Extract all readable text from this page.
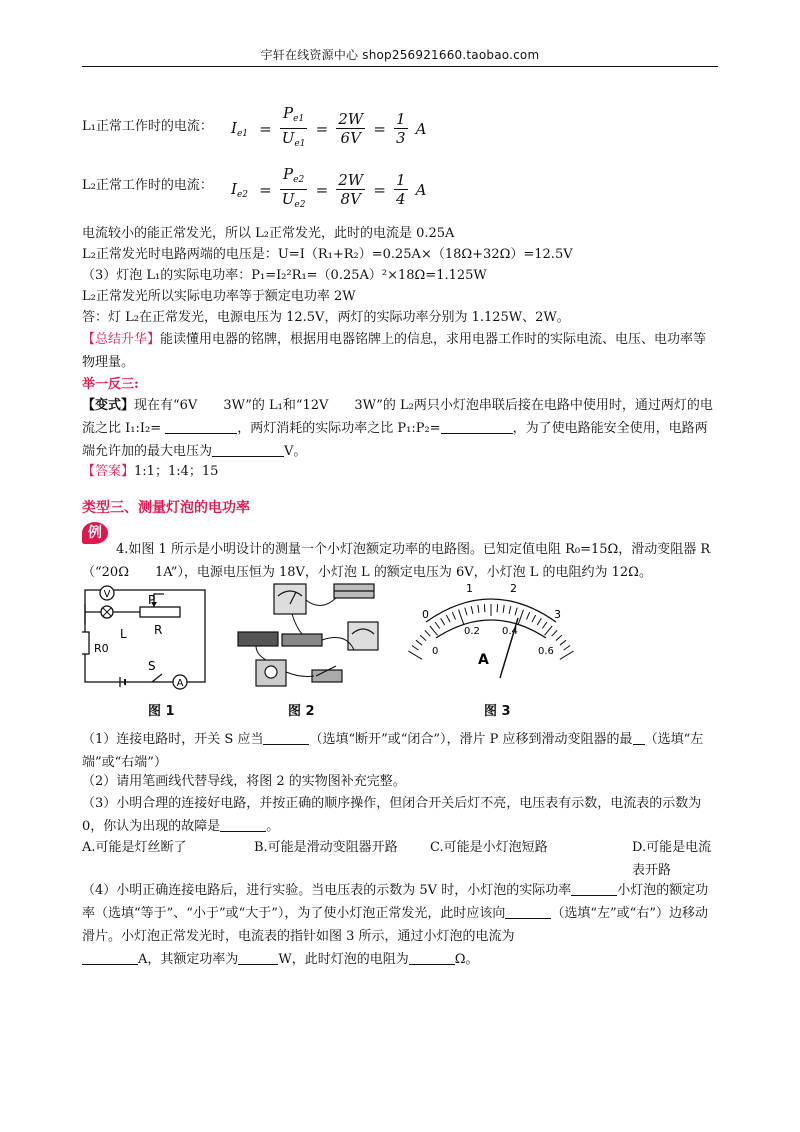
宇轩在线资源中心 shop256921660.taobao.com
L₁正常工作时的电流： $I_{e1} = \frac{P_{e1}}{U_{e1}} = \frac{2W}{6V} = \frac{1}{3}$ A
L₂正常工作时的电流： $I_{e2} = \frac{P_{e2}}{U_{e2}} = \frac{2W}{8V} = \frac{1}{4}$ A
电流较小的能正常发光，所以 L₂正常发光，此时的电流是 0.25A
L₂正常发光时电路两端的电压是：U=I（R₁+R₂）=0.25A×（18Ω+32Ω）=12.5V
（3）灯泡 L₁的实际电功率：P₁=I₂²R₁=（0.25A）²×18Ω=1.125W
L₂正常发光所以实际电功率等于额定电功率 2W
答：灯 L₂在正常发光，电源电压为 12.5V，两灯的实际功率分别为 1.125W、2W。
【总结升华】能读懂用电器的铭牌，根据用电器铭牌上的信息，求用电器工作时的实际电流、电压、电功率等物理量。
举一反三:
【变式】现在有“6V　　3W”的 L₁和“12V　　3W”的 L₂两只小灯泡串联后接在电路中使用时，通过两灯的电流之比 I₁:I₂=	，两灯消耗的实际功率之比 P₁:P₂=	，为了使电路能安全使用，电路两端允许加的最大电压为	V。
【答案】1:1；1:4；15
类型三、测量灯泡的电功率
例
4.如图 1 所示是小明设计的测量一个小灯泡额定功率的电路图。已知定值电阻 R₀=15Ω，滑动变阻器 R（“20Ω　　1A”），电源电压恒为 18V，小灯泡 L 的额定电压为 6V，小灯泡 L 的电阻约为 12Ω。
V
L
P
R
R0
S
A
图 1	图 2
0
1	2
3
0
0.2 0.4
0.6
A
图 3
（1）连接电路时，开关 S 应当	（选填“断开”或“闭合”），滑片 P 应移到滑动变阻器的最 （选填“左端”或“右端”）
（2）请用笔画线代替导线，将图 2 的实物图补充完整。
（3）小明合理的连接好电路，并按正确的顺序操作，但闭合开关后灯不亮，电压表有示数，电流表的示数为 0，你认为出现的故障是	。
A.可能是灯丝断了	B.可能是滑动变阻器开路 C.可能是小灯泡短路	D.可能是电流表开路
（4）小明正确连接电路后，进行实验。当电压表的示数为 5V 时，小灯泡的实际功率	小灯泡的额定功率（选填“等于”、“小于”或“大于”），为了使小灯泡正常发光，此时应该向	（选填“左”或“右”）边移动滑片。小灯泡正常发光时，电流表的指针如图 3 所示，通过小灯泡的电流为
A，其额定功率为	W，此时灯泡的电阻为	Ω。
